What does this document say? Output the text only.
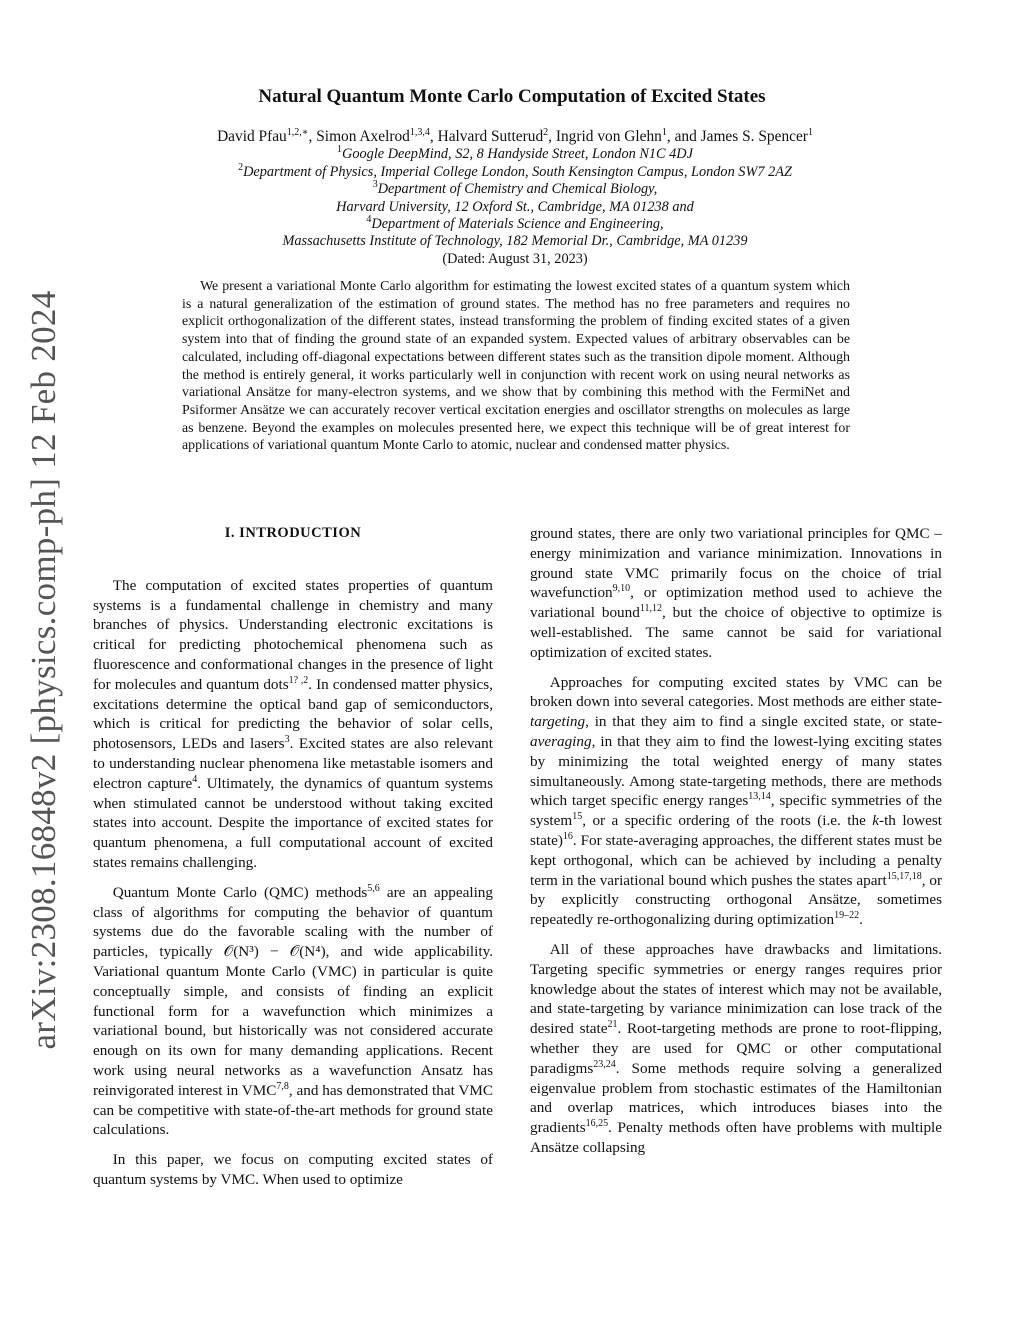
arXiv:2308.16848v2 [physics.comp-ph] 12 Feb 2024
Natural Quantum Monte Carlo Computation of Excited States
David Pfau$^{1,2,∗}$, Simon Axelrod$^{1,3,4}$, Halvard Sutterud$^2$, Ingrid von Glehn$^1$, and James S. Spencer$^1$
$^1$Google DeepMind, S2, 8 Handyside Street, London N1C 4DJ
$^2$Department of Physics, Imperial College London, South Kensington Campus, London SW7 2AZ
$^3$Department of Chemistry and Chemical Biology,
Harvard University, 12 Oxford St., Cambridge, MA 01238 and
$^4$Department of Materials Science and Engineering,
Massachusetts Institute of Technology, 182 Memorial Dr., Cambridge, MA 01239
(Dated: August 31, 2023)
We present a variational Monte Carlo algorithm for estimating the lowest excited states of a quantum system which is a natural generalization of the estimation of ground states. The method has no free parameters and requires no explicit orthogonalization of the different states, instead transforming the problem of finding excited states of a given system into that of finding the ground state of an expanded system. Expected values of arbitrary observables can be calculated, including off-diagonal expectations between different states such as the transition dipole moment. Although the method is entirely general, it works particularly well in conjunction with recent work on using neural networks as variational Ansätze for many-electron systems, and we show that by combining this method with the FermiNet and Psiformer Ansätze we can accurately recover vertical excitation energies and oscillator strengths on molecules as large as benzene. Beyond the examples on molecules presented here, we expect this technique will be of great interest for applications of variational quantum Monte Carlo to atomic, nuclear and condensed matter physics.
I. INTRODUCTION

The computation of excited states properties of quantum systems is a fundamental challenge in chemistry and many branches of physics. Understanding electronic excitations is critical for predicting photochemical phenomena such as fluorescence and conformational changes in the presence of light for molecules and quantum dots$^{1? ,2}$. In condensed matter physics, excitations determine the optical band gap of semiconductors, which is critical for predicting the behavior of solar cells, photosensors, LEDs and lasers$^3$. Excited states are also relevant to understanding nuclear phenomena like metastable isomers and electron capture$^4$. Ultimately, the dynamics of quantum systems when stimulated cannot be understood without taking excited states into account. Despite the importance of excited states for quantum phenomena, a full computational account of excited states remains challenging.

Quantum Monte Carlo (QMC) methods$^{5,6}$ are an appealing class of algorithms for computing the behavior of quantum systems due do the favorable scaling with the number of particles, typically 𝒪(N³) − 𝒪(N⁴), and wide applicability. Variational quantum Monte Carlo (VMC) in particular is quite conceptually simple, and consists of finding an explicit functional form for a wavefunction which minimizes a variational bound, but historically was not considered accurate enough on its own for many demanding applications. Recent work using neural networks as a wavefunction Ansatz has reinvigorated interest in VMC$^{7,8}$, and has demonstrated that VMC can be competitive with state-of-the-art methods for ground state calculations.

In this paper, we focus on computing excited states of quantum systems by VMC. When used to optimize

ground states, there are only two variational principles for QMC – energy minimization and variance minimization. Innovations in ground state VMC primarily focus on the choice of trial wavefunction$^{9,10}$, or optimization method used to achieve the variational bound$^{11,12}$, but the choice of objective to optimize is well-established. The same cannot be said for variational optimization of excited states.

Approaches for computing excited states by VMC can be broken down into several categories. Most methods are either state-targeting, in that they aim to find a single excited state, or state-averaging, in that they aim to find the lowest-lying exciting states by minimizing the total weighted energy of many states simultaneously. Among state-targeting methods, there are methods which target specific energy ranges$^{13,14}$, specific symmetries of the system$^{15}$, or a specific ordering of the roots (i.e. the k-th lowest state)$^{16}$. For state-averaging approaches, the different states must be kept orthogonal, which can be achieved by including a penalty term in the variational bound which pushes the states apart$^{15,17,18}$, or by explicitly constructing orthogonal Ansätze, sometimes repeatedly re-orthogonalizing during optimization$^{19-22}$.

All of these approaches have drawbacks and limitations. Targeting specific symmetries or energy ranges requires prior knowledge about the states of interest which may not be available, and state-targeting by variance minimization can lose track of the desired state$^{21}$. Root-targeting methods are prone to root-flipping, whether they are used for QMC or other computational paradigms$^{23,24}$. Some methods require solving a generalized eigenvalue problem from stochastic estimates of the Hamiltonian and overlap matrices, which introduces biases into the gradients$^{16,25}$. Penalty methods often have problems with multiple Ansätze collapsing
